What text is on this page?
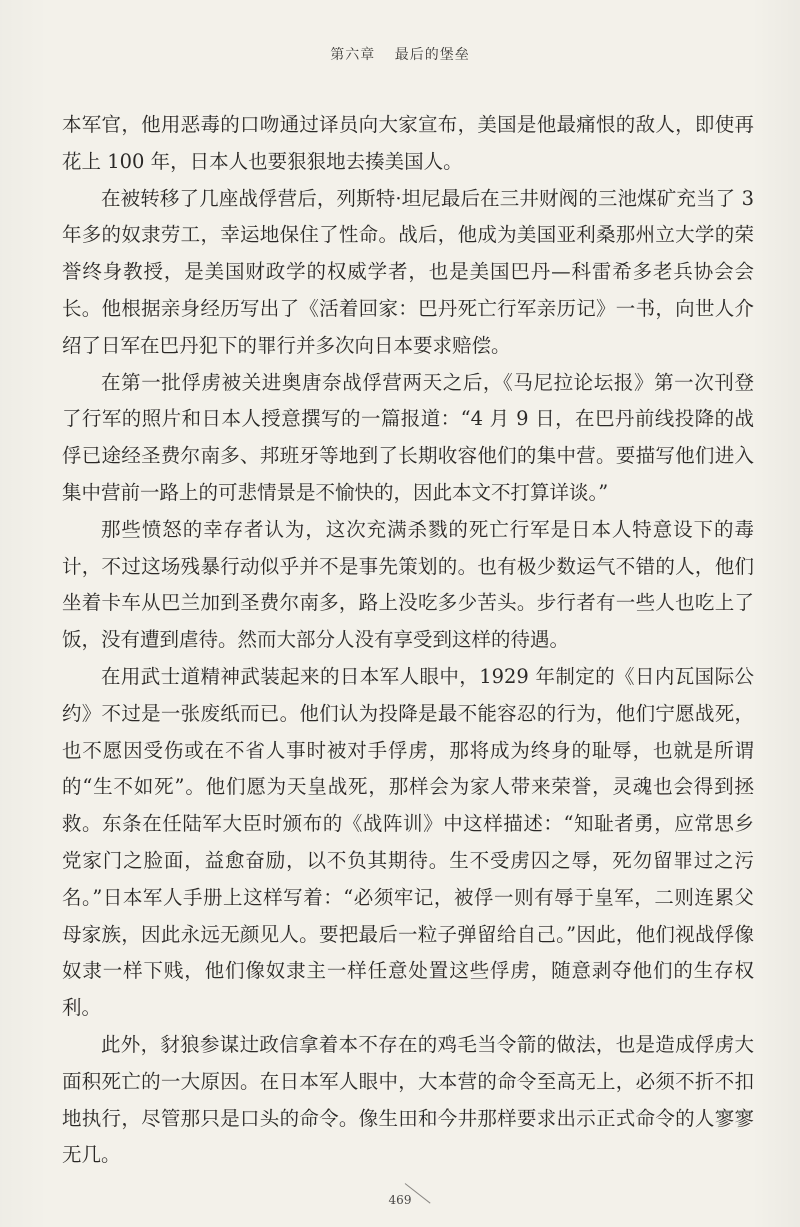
第六章 最后的堡垒

本军官，他用恶毒的口吻通过译员向大家宣布，美国是他最痛恨的敌人，即使再花上 100 年，日本人也要狠狠地去揍美国人。

在被转移了几座战俘营后，列斯特·坦尼最后在三井财阀的三池煤矿充当了 3 年多的奴隶劳工，幸运地保住了性命。战后，他成为美国亚利桑那州立大学的荣誉终身教授，是美国财政学的权威学者，也是美国巴丹—科雷希多老兵协会会长。他根据亲身经历写出了《活着回家：巴丹死亡行军亲历记》一书，向世人介绍了日军在巴丹犯下的罪行并多次向日本要求赔偿。

在第一批俘虏被关进奥唐奈战俘营两天之后，《马尼拉论坛报》第一次刊登了行军的照片和日本人授意撰写的一篇报道：“4 月 9 日，在巴丹前线投降的战俘已途经圣费尔南多、邦班牙等地到了长期收容他们的集中营。要描写他们进入集中营前一路上的可悲情景是不愉快的，因此本文不打算详谈。”

那些愤怒的幸存者认为，这次充满杀戮的死亡行军是日本人特意设下的毒计，不过这场残暴行动似乎并不是事先策划的。也有极少数运气不错的人，他们坐着卡车从巴兰加到圣费尔南多，路上没吃多少苦头。步行者有一些人也吃上了饭，没有遭到虐待。然而大部分人没有享受到这样的待遇。

在用武士道精神武装起来的日本军人眼中，1929 年制定的《日内瓦国际公约》不过是一张废纸而已。他们认为投降是最不能容忍的行为，他们宁愿战死，也不愿因受伤或在不省人事时被对手俘虏，那将成为终身的耻辱，也就是所谓的“生不如死”。他们愿为天皇战死，那样会为家人带来荣誉，灵魂也会得到拯救。东条在任陆军大臣时颁布的《战阵训》中这样描述：“知耻者勇，应常思乡党家门之脸面，益愈奋励，以不负其期待。生不受虏囚之辱，死勿留罪过之污名。”日本军人手册上这样写着：“必须牢记，被俘一则有辱于皇军，二则连累父母家族，因此永远无颜见人。要把最后一粒子弹留给自己。”因此，他们视战俘像奴隶一样下贱，他们像奴隶主一样任意处置这些俘虏，随意剥夺他们的生存权利。

此外，豺狼参谋辻政信拿着本不存在的鸡毛当令箭的做法，也是造成俘虏大面积死亡的一大原因。在日本军人眼中，大本营的命令至高无上，必须不折不扣地执行，尽管那只是口头的命令。像生田和今井那样要求出示正式命令的人寥寥无几。

469
